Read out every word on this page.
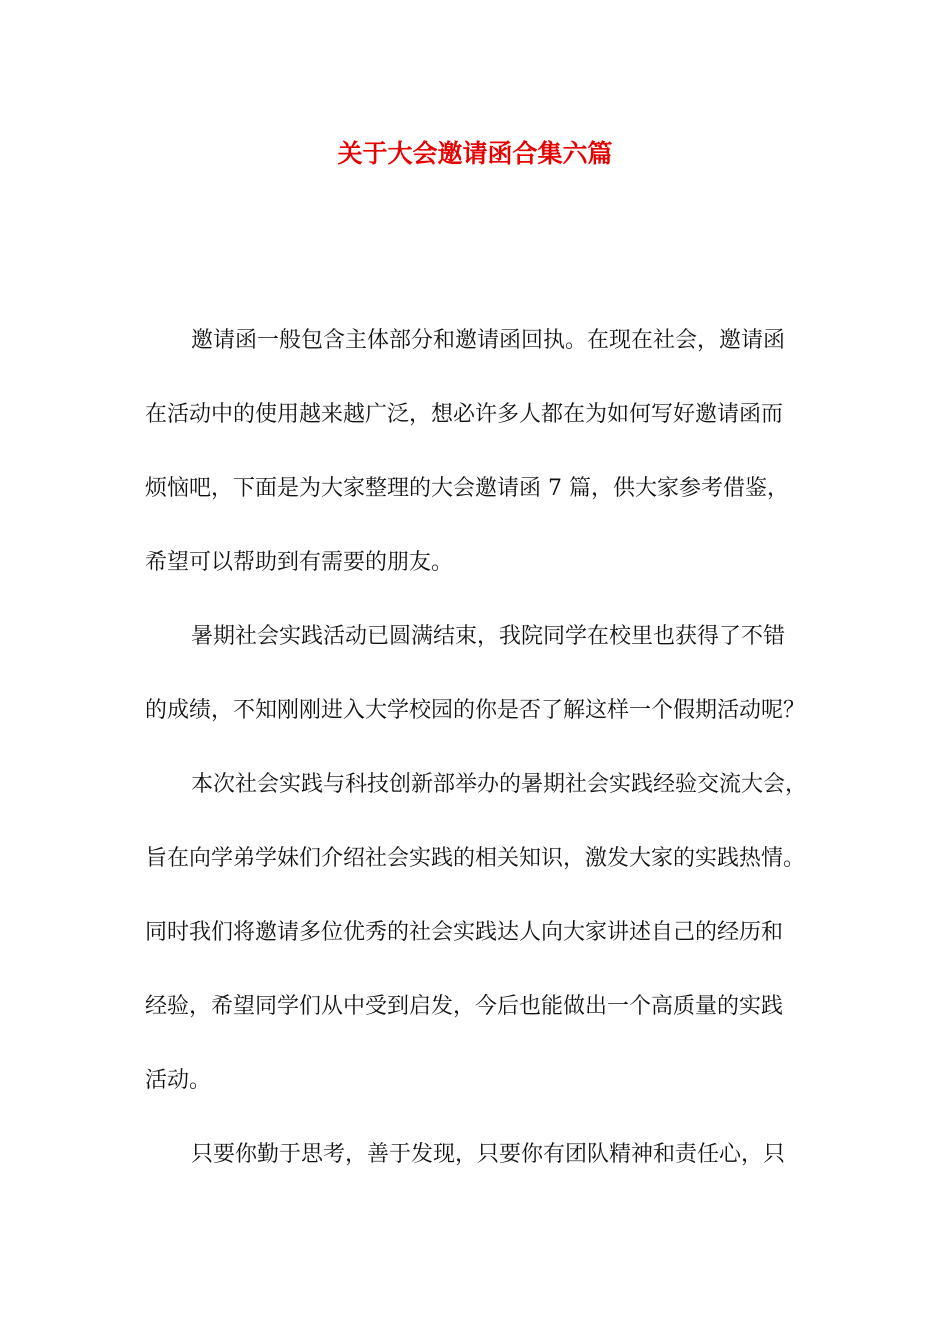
关于大会邀请函合集六篇
邀请函一般包含主体部分和邀请函回执。在现在社会，邀请函
在活动中的使用越来越广泛，想必许多人都在为如何写好邀请函而
烦恼吧，下面是为大家整理的大会邀请函 7 篇，供大家参考借鉴，
希望可以帮助到有需要的朋友。
暑期社会实践活动已圆满结束，我院同学在校里也获得了不错
的成绩，不知刚刚进入大学校园的你是否了解这样一个假期活动呢？
本次社会实践与科技创新部举办的暑期社会实践经验交流大会，
旨在向学弟学妹们介绍社会实践的相关知识，激发大家的实践热情。
同时我们将邀请多位优秀的社会实践达人向大家讲述自己的经历和
经验，希望同学们从中受到启发，今后也能做出一个高质量的实践
活动。
只要你勤于思考，善于发现，只要你有团队精神和责任心，只
